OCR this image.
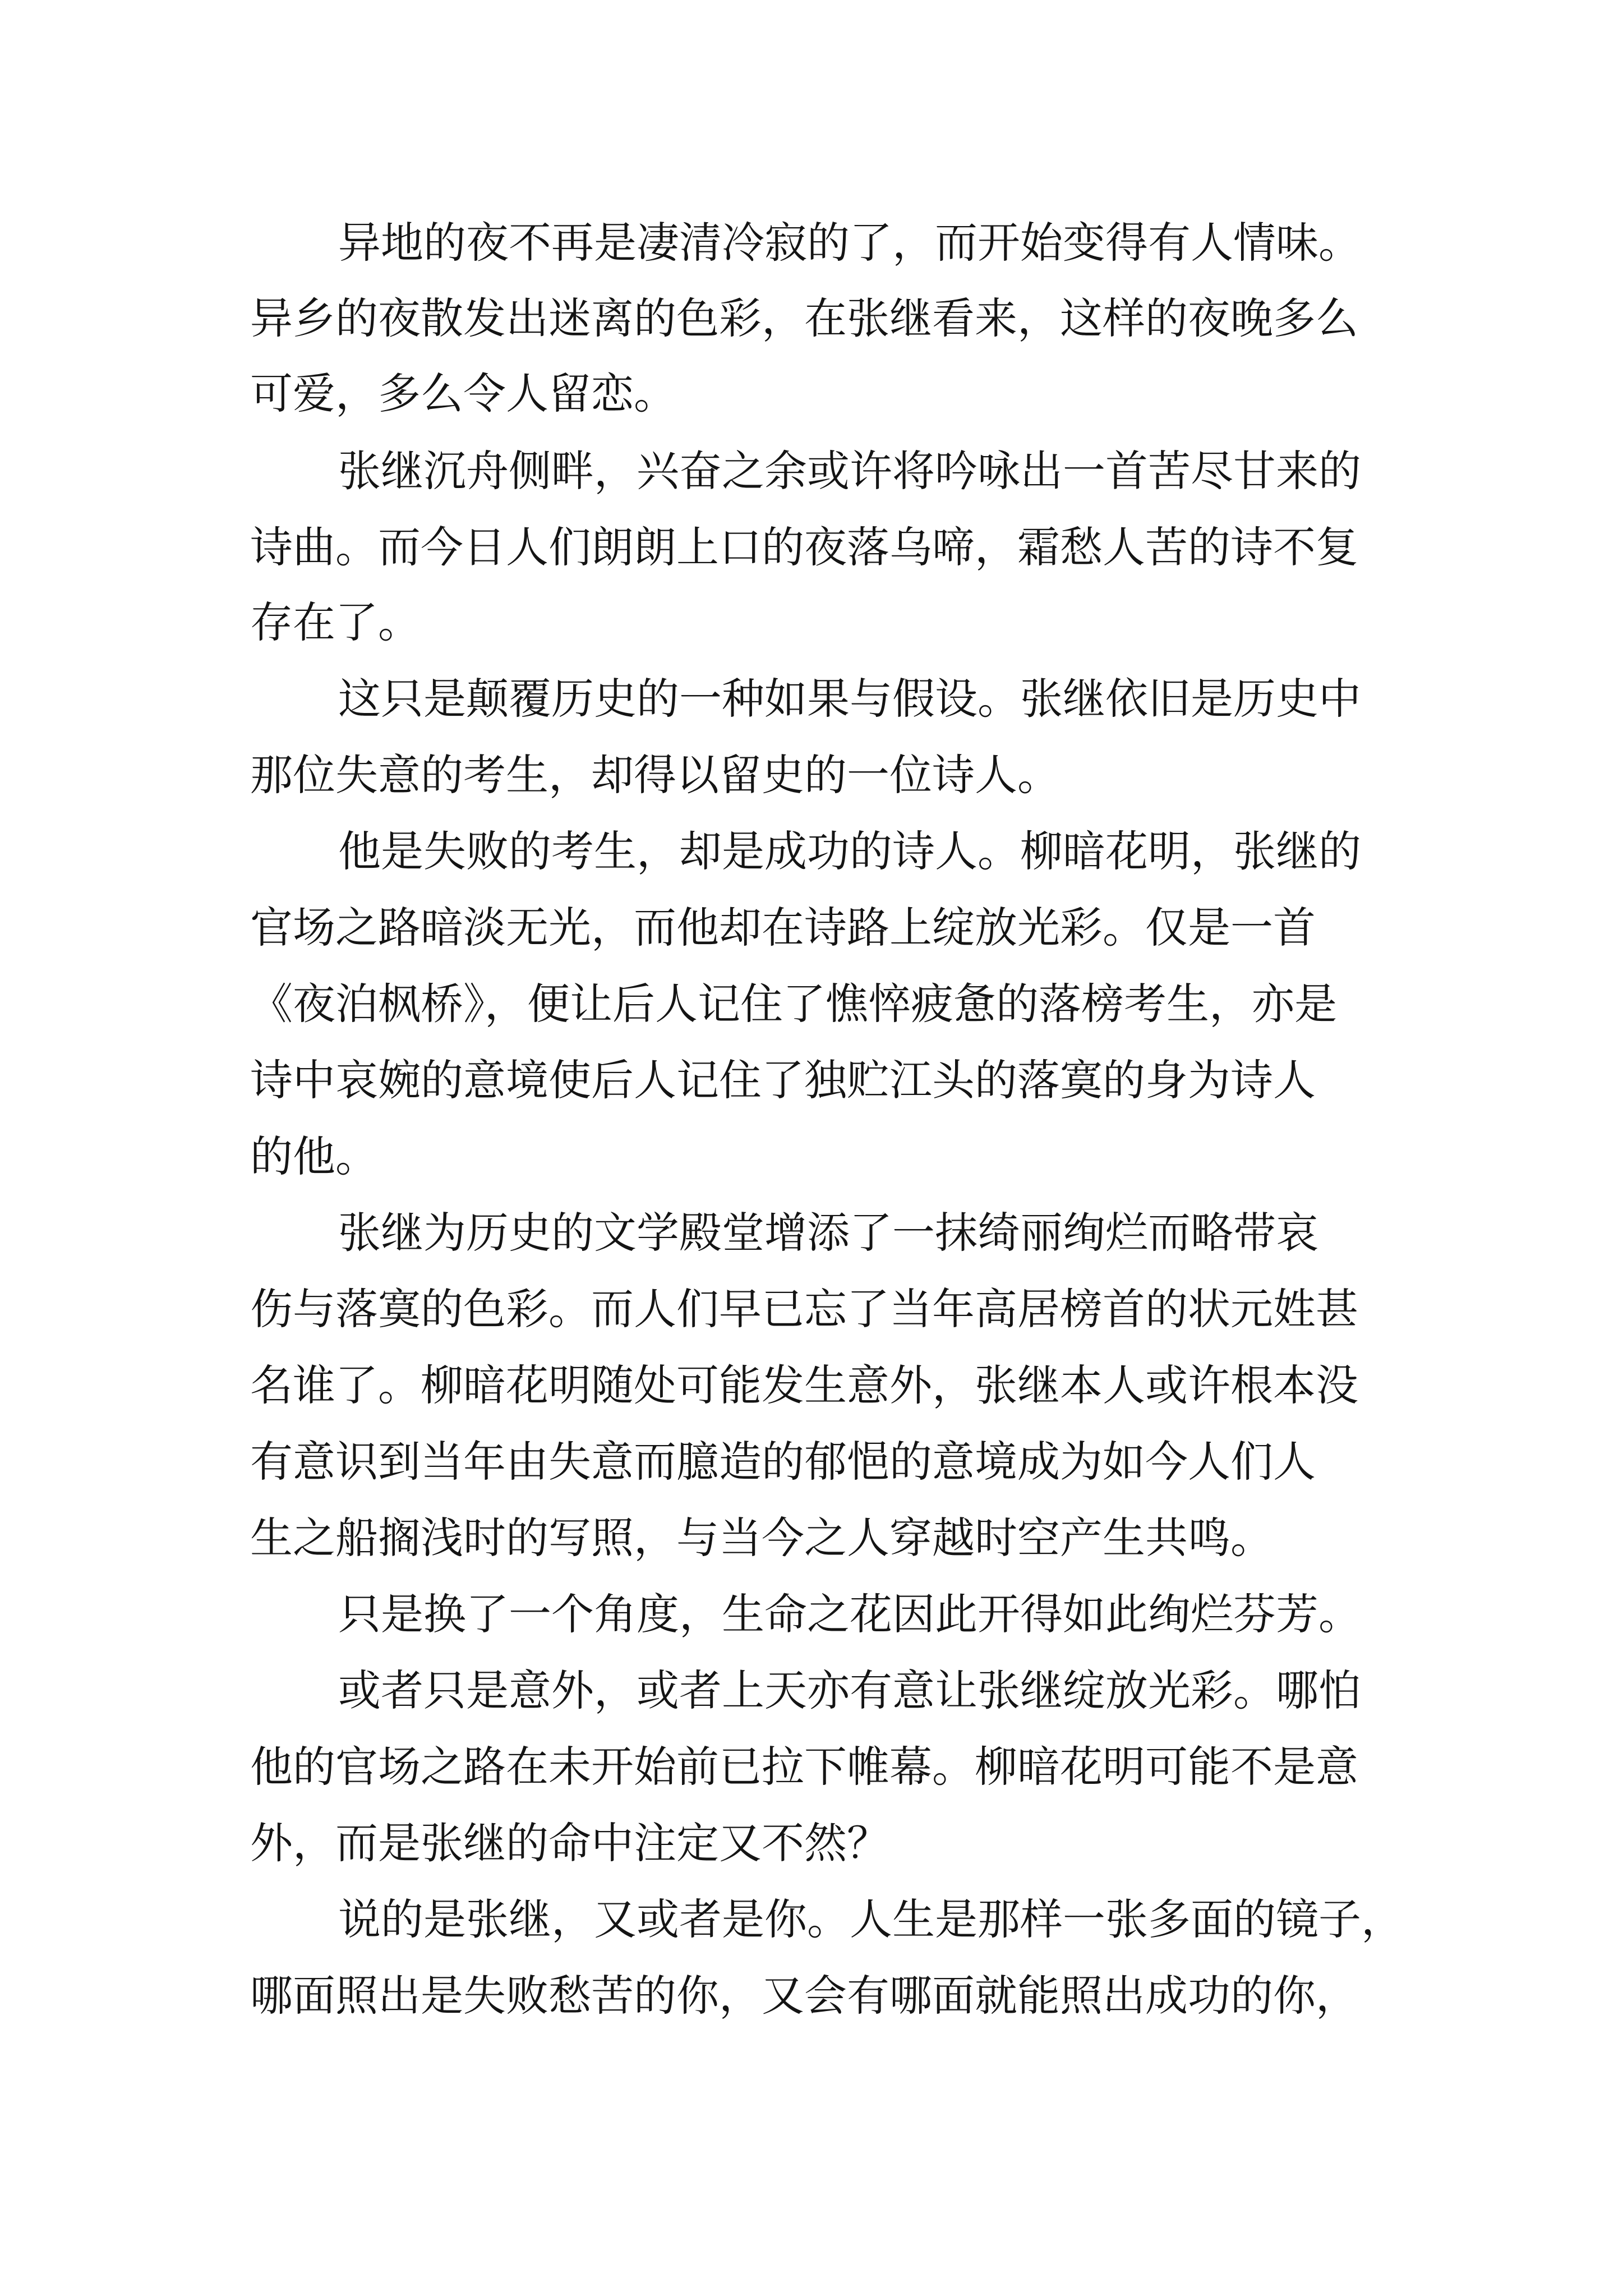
异地的夜不再是凄清冷寂的了，而开始变得有人情味。

异乡的夜散发出迷离的色彩，在张继看来，这样的夜晚多么

可爱，多么令人留恋。

张继沉舟侧畔，兴奋之余或许将吟咏出一首苦尽甘来的

诗曲。而今日人们朗朗上口的夜落乌啼，霜愁人苦的诗不复

存在了。

这只是颠覆历史的一种如果与假设。张继依旧是历史中

那位失意的考生，却得以留史的一位诗人。

他是失败的考生，却是成功的诗人。柳暗花明，张继的

官场之路暗淡无光，而他却在诗路上绽放光彩。仅是一首

《夜泊枫桥》，便让后人记住了憔悴疲惫的落榜考生，亦是

诗中哀婉的意境使后人记住了独贮江头的落寞的身为诗人

的他。

张继为历史的文学殿堂增添了一抹绮丽绚烂而略带哀

伤与落寞的色彩。而人们早已忘了当年高居榜首的状元姓甚

名谁了。柳暗花明随处可能发生意外，张继本人或许根本没

有意识到当年由失意而臆造的郁悒的意境成为如今人们人

生之船搁浅时的写照，与当今之人穿越时空产生共鸣。

只是换了一个角度，生命之花因此开得如此绚烂芬芳。

或者只是意外，或者上天亦有意让张继绽放光彩。哪怕

他的官场之路在未开始前已拉下帷幕。柳暗花明可能不是意

外，而是张继的命中注定又不然？

说的是张继，又或者是你。人生是那样一张多面的镜子，

哪面照出是失败愁苦的你，又会有哪面就能照出成功的你，
